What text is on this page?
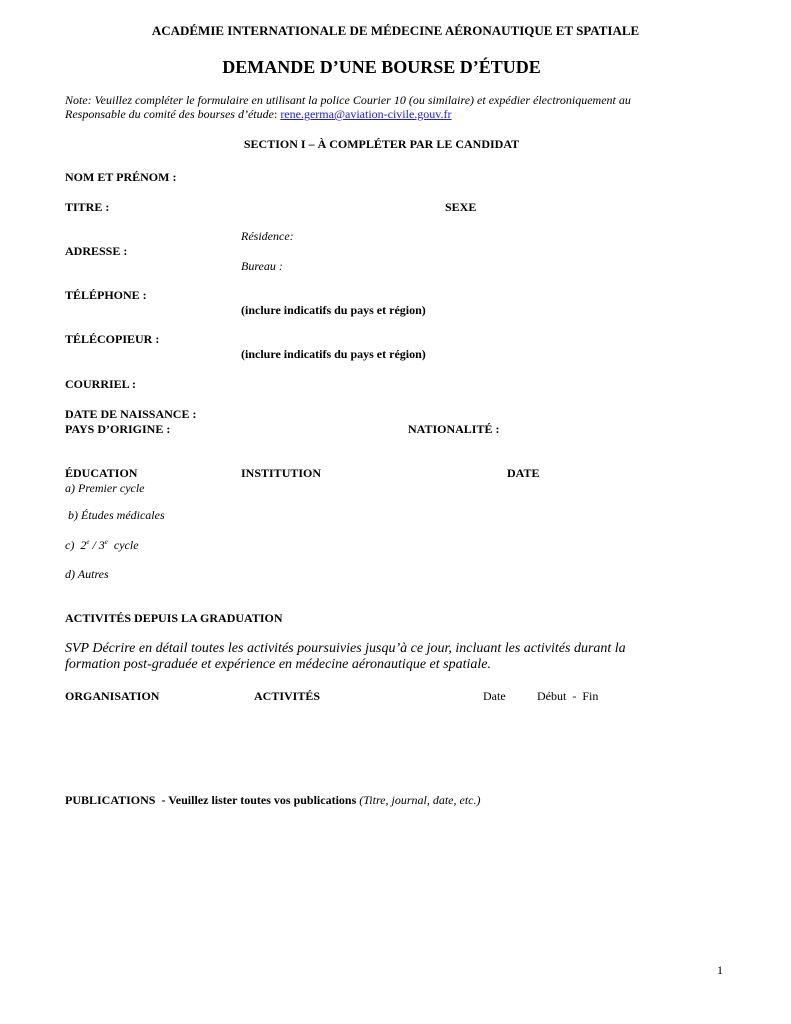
ACADÉMIE INTERNATIONALE DE MÉDECINE AÉRONAUTIQUE ET SPATIALE
DEMANDE D’UNE BOURSE D’ÉTUDE
Note: Veuillez compléter le formulaire en utilisant la police Courier 10 (ou similaire) et expédier électroniquement au
Responsable du comité des bourses d’étude: rene.germa@aviation-civile.gouv.fr
SECTION I – À COMPLÉTER PAR LE CANDIDAT
NOM ET PRÉNOM :
TITRE :	SEXE
Résidence:
ADRESSE :
Bureau :
TÉLÉPHONE :
(inclure indicatifs du pays et région)
TÉLÉCOPIEUR :
(inclure indicatifs du pays et région)
COURRIEL :
DATE DE NAISSANCE :
PAYS D’ORIGINE :	NATIONALITÉ :
ÉDUCATION	INSTITUTION	DATE
a) Premier cycle
b) Études médicales
c)  2e / 3e  cycle
d) Autres
ACTIVITÉS DEPUIS LA GRADUATION
SVP Décrire en détail toutes les activités poursuivies jusqu’à ce jour, incluant les activités durant la
formation post-graduée et expérience en médecine aéronautique et spatiale.
ORGANISATION	ACTIVITÉS	Date	Début  -  Fin
PUBLICATIONS  - Veuillez lister toutes vos publications (Titre, journal, date, etc.)
1
